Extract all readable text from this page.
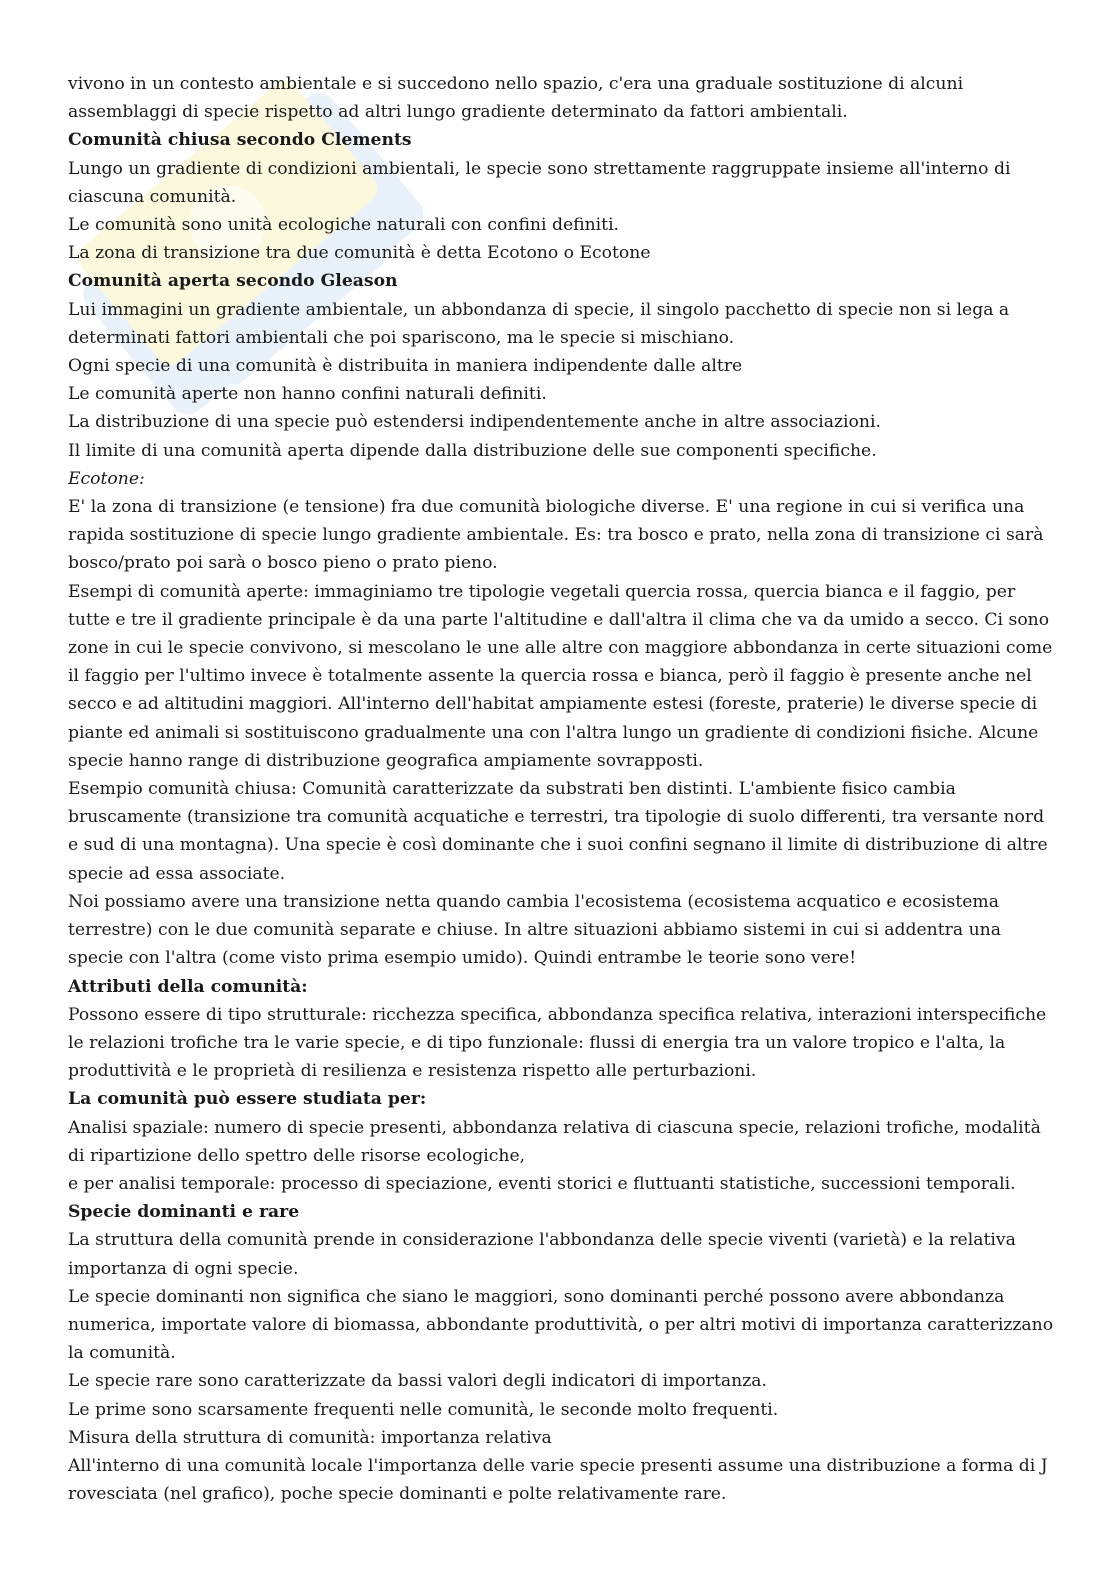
vivono in un contesto ambientale e si succedono nello spazio, c'era una graduale sostituzione di alcuni assemblaggi di specie rispetto ad altri lungo gradiente determinato da fattori ambientali.

Comunità chiusa secondo Clements

Lungo un gradiente di condizioni ambientali, le specie sono strettamente raggruppate insieme all'interno di ciascuna comunità.

Le comunità sono unità ecologiche naturali con confini definiti.

La zona di transizione tra due comunità è detta Ecotono o Ecotone

Comunità aperta secondo Gleason

Lui immagini un gradiente ambientale, un abbondanza di specie, il singolo pacchetto di specie non si lega a determinati fattori ambientali che poi spariscono, ma le specie si mischiano.

Ogni specie di una comunità è distribuita in maniera indipendente dalle altre

Le comunità aperte non hanno confini naturali definiti.

La distribuzione di una specie può estendersi indipendentemente anche in altre associazioni.

Il limite di una comunità aperta dipende dalla distribuzione delle sue componenti specifiche.

Ecotone:

E' la zona di transizione (e tensione) fra due comunità biologiche diverse. E' una regione in cui si verifica una rapida sostituzione di specie lungo gradiente ambientale. Es: tra bosco e prato, nella zona di transizione ci sarà bosco/prato poi sarà o bosco pieno o prato pieno.

Esempi di comunità aperte: immaginiamo tre tipologie vegetali quercia rossa, quercia bianca e il faggio, per tutte e tre il gradiente principale è da una parte l'altitudine e dall'altra il clima che va da umido a secco. Ci sono zone in cui le specie convivono, si mescolano le une alle altre con maggiore abbondanza in certe situazioni come il faggio per l'ultimo invece è totalmente assente la quercia rossa e bianca, però il faggio è presente anche nel secco e ad altitudini maggiori. All'interno dell'habitat ampiamente estesi (foreste, praterie) le diverse specie di piante ed animali si sostituiscono gradualmente una con l'altra lungo un gradiente di condizioni fisiche. Alcune specie hanno range di distribuzione geografica ampiamente sovrapposti.

Esempio comunità chiusa: Comunità caratterizzate da substrati ben distinti. L'ambiente fisico cambia bruscamente (transizione tra comunità acquatiche e terrestri, tra tipologie di suolo differenti, tra versante nord e sud di una montagna). Una specie è così dominante che i suoi confini segnano il limite di distribuzione di altre specie ad essa associate.

Noi possiamo avere una transizione netta quando cambia l'ecosistema (ecosistema acquatico e ecosistema terrestre) con le due comunità separate e chiuse. In altre situazioni abbiamo sistemi in cui si addentra una specie con l'altra (come visto prima esempio umido). Quindi entrambe le teorie sono vere!

Attributi della comunità:

Possono essere di tipo strutturale: ricchezza specifica, abbondanza specifica relativa, interazioni interspecifiche le relazioni trofiche tra le varie specie, e di tipo funzionale: flussi di energia tra un valore tropico e l'alta, la produttività e le proprietà di resilienza e resistenza rispetto alle perturbazioni.

La comunità può essere studiata per:

Analisi spaziale: numero di specie presenti, abbondanza relativa di ciascuna specie, relazioni trofiche, modalità di ripartizione dello spettro delle risorse ecologiche,

e per analisi temporale: processo di speciazione, eventi storici e fluttuanti statistiche, successioni temporali.

Specie dominanti e rare

La struttura della comunità prende in considerazione l'abbondanza delle specie viventi (varietà) e la relativa importanza di ogni specie.

Le specie dominanti non significa che siano le maggiori, sono dominanti perché possono avere abbondanza numerica, importate valore di biomassa, abbondante produttività, o per altri motivi di importanza caratterizzano la comunità.

Le specie rare sono caratterizzate da bassi valori degli indicatori di importanza.

Le prime sono scarsamente frequenti nelle comunità, le seconde molto frequenti.

Misura della struttura di comunità: importanza relativa

All'interno di una comunità locale l'importanza delle varie specie presenti assume una distribuzione a forma di J rovesciata (nel grafico), poche specie dominanti e polte relativamente rare.
